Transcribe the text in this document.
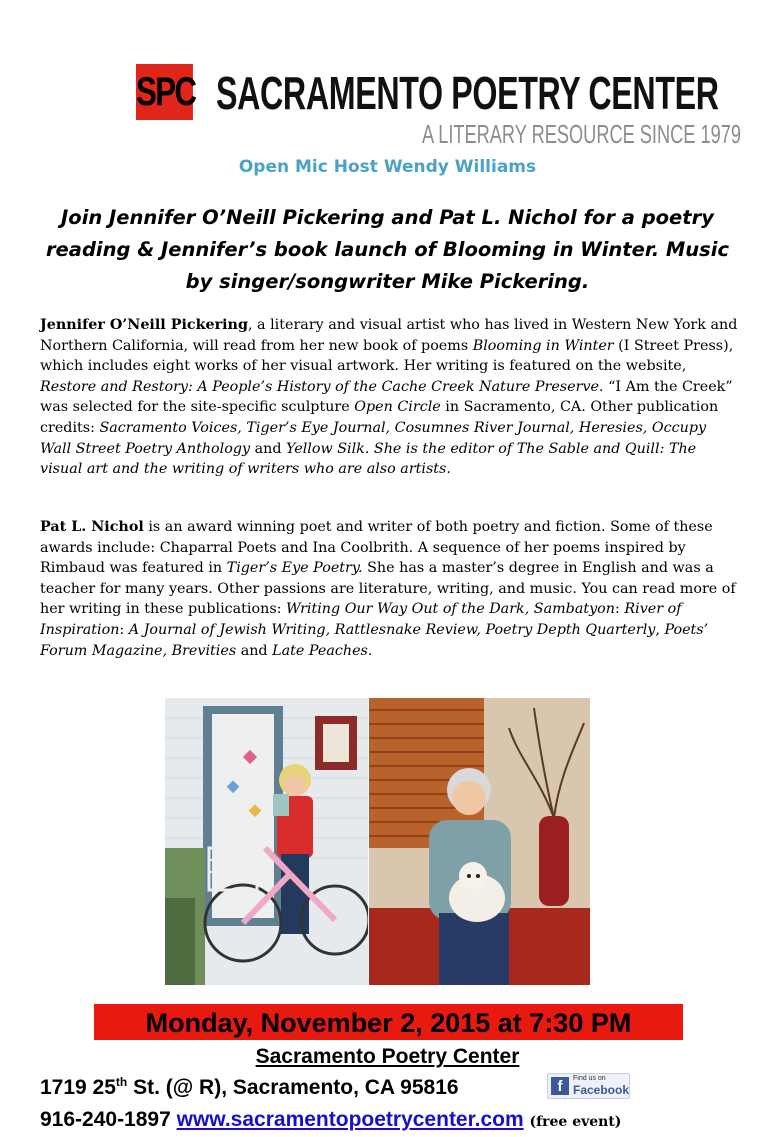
SPC SACRAMENTO POETRY CENTER
A LITERARY RESOURCE SINCE 1979
Open Mic Host Wendy Williams

Join Jennifer O’Neill Pickering and Pat L. Nichol for a poetry reading & Jennifer’s book launch of Blooming in Winter. Music by singer/songwriter Mike Pickering.

Jennifer O’Neill Pickering, a literary and visual artist who has lived in Western New York and Northern California, will read from her new book of poems Blooming in Winter (I Street Press), which includes eight works of her visual artwork. Her writing is featured on the website, Restore and Restory: A People’s History of the Cache Creek Nature Preserve. “I Am the Creek” was selected for the site-specific sculpture Open Circle in Sacramento, CA. Other publication credits: Sacramento Voices, Tiger’s Eye Journal, Cosumnes River Journal, Heresies, Occupy Wall Street Poetry Anthology and Yellow Silk. She is the editor of The Sable and Quill: The visual art and the writing of writers who are also artists.

Pat L. Nichol is an award winning poet and writer of both poetry and fiction. Some of these awards include: Chaparral Poets and Ina Coolbrith. A sequence of her poems inspired by Rimbaud was featured in Tiger’s Eye Poetry. She has a master’s degree in English and was a teacher for many years. Other passions are literature, writing, and music. You can read more of her writing in these publications: Writing Our Way Out of the Dark, Sambatyon: River of Inspiration: A Journal of Jewish Writing, Rattlesnake Review, Poetry Depth Quarterly, Poets’ Forum Magazine, Brevities and Late Peaches.

Monday, November 2, 2015 at 7:30 PM
Sacramento Poetry Center
1719 25th St. (@ R), Sacramento, CA 95816	f	Find us on
Facebook
916-240-1897 www.sacramentopoetrycenter.com (free event)
